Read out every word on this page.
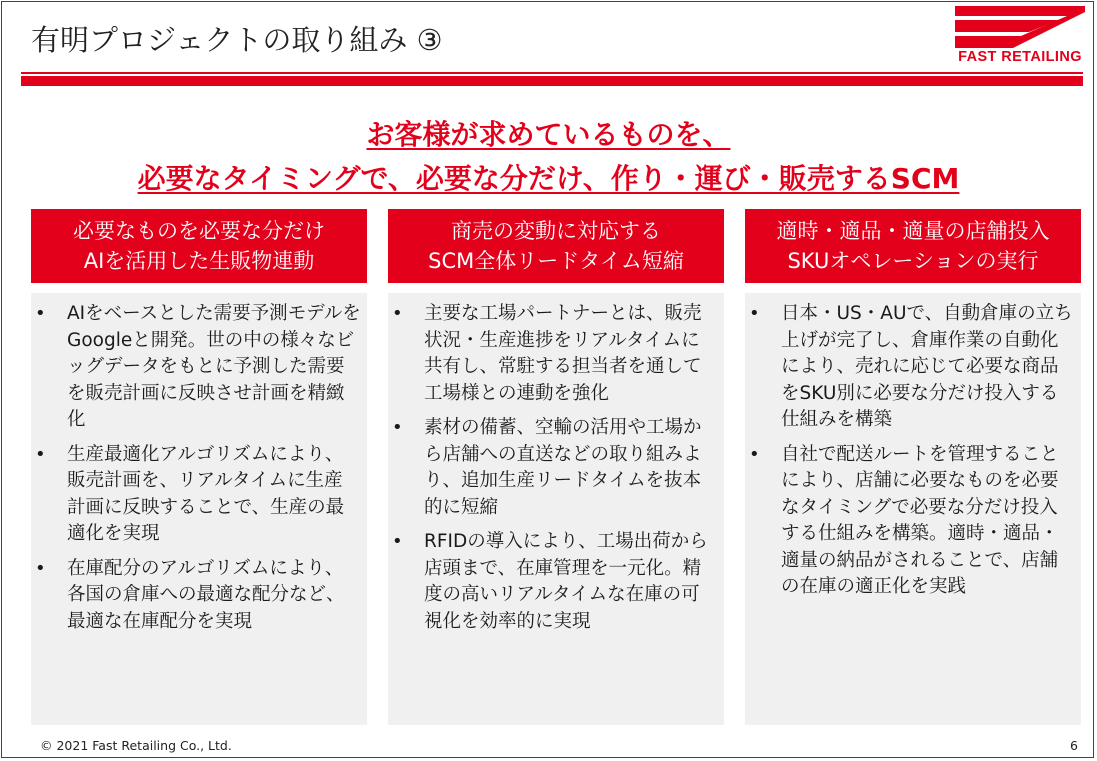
有明プロジェクトの取り組み ③	FAST RETAILING
お客様が求めているものを、
必要なタイミングで、必要な分だけ、作り・運び・販売するSCM
必要なものを必要な分だけ
AIを活用した生販物連動
• AIをベースとした需要予測モデルをGoogleと開発。世の中の様々なビッグデータをもとに予測した需要を販売計画に反映させ計画を精緻化
• 生産最適化アルゴリズムにより、販売計画を、リアルタイムに生産計画に反映することで、生産の最適化を実現
• 在庫配分のアルゴリズムにより、各国の倉庫への最適な配分など、最適な在庫配分を実現
商売の変動に対応する
SCM全体リードタイム短縮
• 主要な工場パートナーとは、販売状況・生産進捗をリアルタイムに共有し、常駐する担当者を通して工場様との連動を強化
• 素材の備蓄、空輸の活用や工場から店舗への直送などの取り組みより、追加生産リードタイムを抜本的に短縮
• RFIDの導入により、工場出荷から店頭まで、在庫管理を一元化。精度の高いリアルタイムな在庫の可視化を効率的に実現
適時・適品・適量の店舗投入
SKUオペレーションの実行
• 日本・US・AUで、自動倉庫の立ち上げが完了し、倉庫作業の自動化により、売れに応じて必要な商品をSKU別に必要な分だけ投入する仕組みを構築
• 自社で配送ルートを管理することにより、店舗に必要なものを必要なタイミングで必要な分だけ投入する仕組みを構築。適時・適品・適量の納品がされることで、店舗の在庫の適正化を実践
© 2021 Fast Retailing Co., Ltd.	6
